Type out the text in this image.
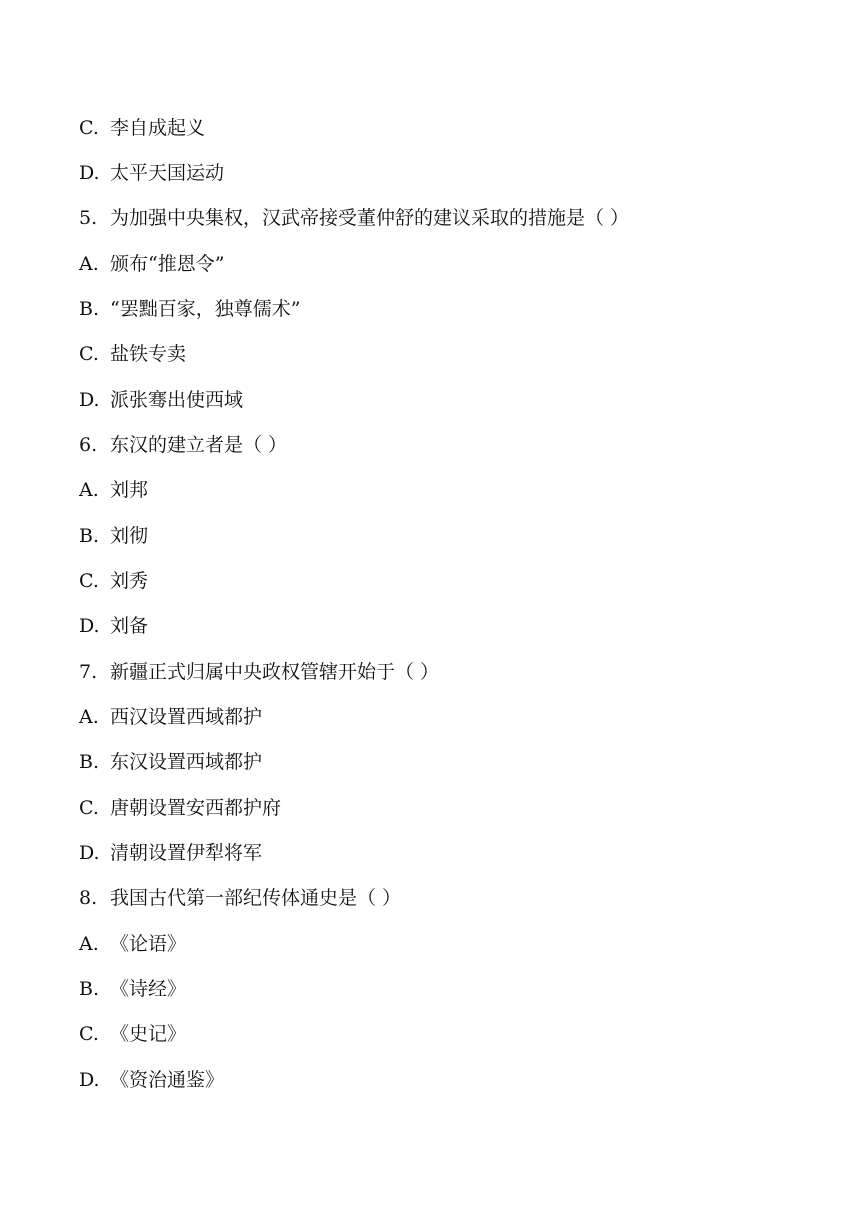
C. 李自成起义
D. 太平天国运动
5. 为加强中央集权，汉武帝接受董仲舒的建议采取的措施是（ ）
A. 颁布“推恩令”
B. “罢黜百家，独尊儒术”
C. 盐铁专卖
D. 派张骞出使西域
6. 东汉的建立者是（ ）
A. 刘邦
B. 刘彻
C. 刘秀
D. 刘备
7. 新疆正式归属中央政权管辖开始于（ ）
A. 西汉设置西域都护
B. 东汉设置西域都护
C. 唐朝设置安西都护府
D. 清朝设置伊犁将军
8. 我国古代第一部纪传体通史是（ ）
A. 《论语》
B. 《诗经》
C. 《史记》
D. 《资治通鉴》
